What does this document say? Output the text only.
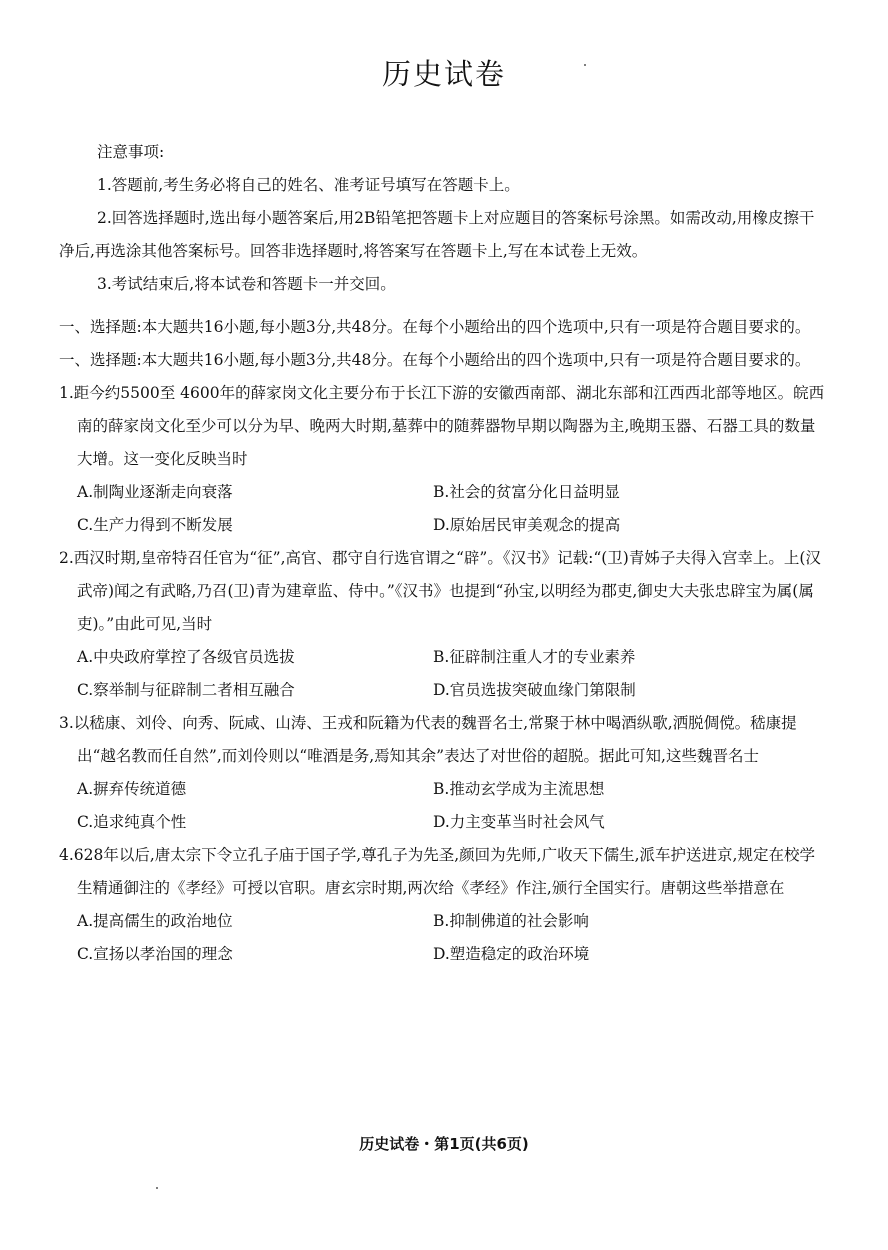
历史试卷
注意事项:
1.答题前,考生务必将自己的姓名、准考证号填写在答题卡上。
2.回答选择题时,选出每小题答案后,用2B铅笔把答题卡上对应题目的答案标号涂黑。如需改动,用橡皮擦干净后,再选涂其他答案标号。回答非选择题时,将答案写在答题卡上,写在本试卷上无效。
3.考试结束后,将本试卷和答题卡一并交回。
一、选择题:本大题共16小题,每小题3分,共48分。在每个小题给出的四个选项中,只有一项是符合题目要求的。
一、选择题:本大题共16小题,每小题3分,共48分。在每个小题给出的四个选项中,只有一项是符合题目要求的。
1.距今约5500至 4600年的薛家岗文化主要分布于长江下游的安徽西南部、湖北东部和江西西北部等地区。皖西南的薛家岗文化至少可以分为早、晚两大时期,墓葬中的随葬器物早期以陶器为主,晚期玉器、石器工具的数量大增。这一变化反映当时
A.制陶业逐渐走向衰落	B.社会的贫富分化日益明显
C.生产力得到不断发展	D.原始居民审美观念的提高
2.西汉时期,皇帝特召任官为“征”,高官、郡守自行选官谓之“辟”。《汉书》记载:“(卫)青姊子夫得入宫幸上。上(汉武帝)闻之有武略,乃召(卫)青为建章监、侍中。”《汉书》也提到“孙宝,以明经为郡吏,御史大夫张忠辟宝为属(属吏)。”由此可见,当时
A.中央政府掌控了各级官员选拔	B.征辟制注重人才的专业素养
C.察举制与征辟制二者相互融合	D.官员选拔突破血缘门第限制
3.以嵇康、刘伶、向秀、阮咸、山涛、王戎和阮籍为代表的魏晋名士,常聚于林中喝酒纵歌,洒脱倜傥。嵇康提出“越名教而任自然”,而刘伶则以“唯酒是务,焉知其余”表达了对世俗的超脱。据此可知,这些魏晋名士
A.摒弃传统道德	B.推动玄学成为主流思想
C.追求纯真个性	D.力主变革当时社会风气
4.628年以后,唐太宗下令立孔子庙于国子学,尊孔子为先圣,颜回为先师,广收天下儒生,派车护送进京,规定在校学生精通御注的《孝经》可授以官职。唐玄宗时期,两次给《孝经》作注,颁行全国实行。唐朝这些举措意在
A.提高儒生的政治地位	B.抑制佛道的社会影响
C.宣扬以孝治国的理念	D.塑造稳定的政治环境
历史试卷・第1页(共6页)
